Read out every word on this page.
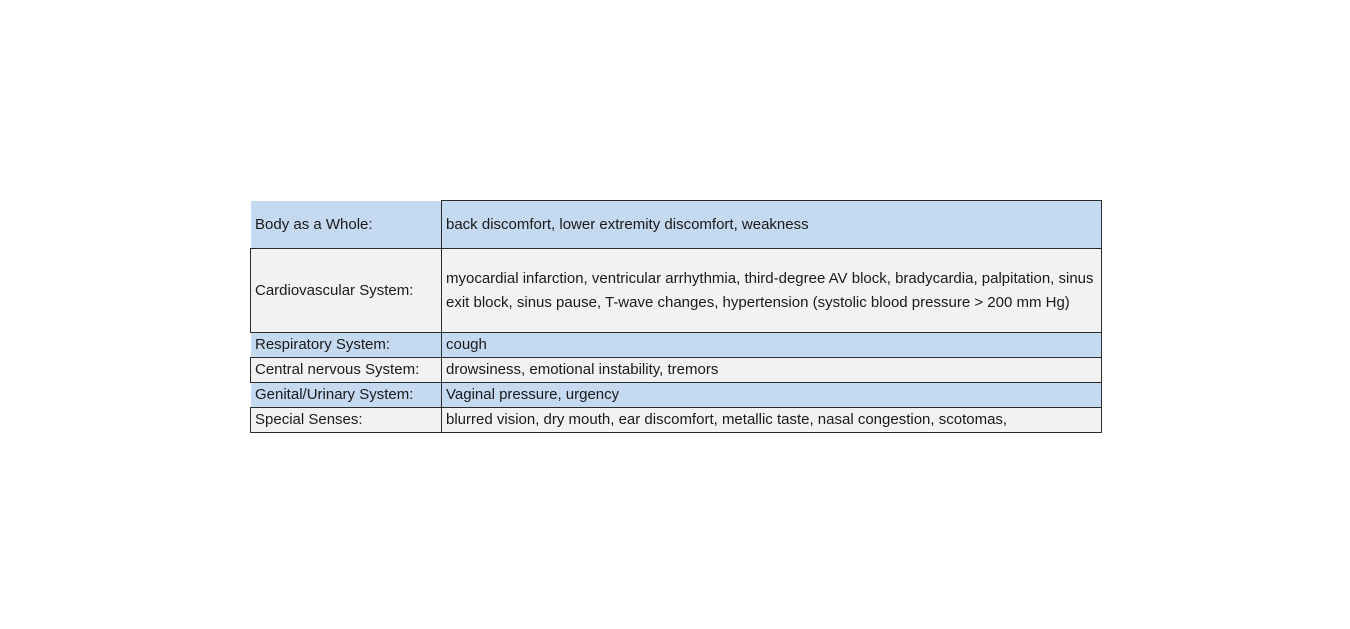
Body as a Whole:	back discomfort, lower extremity discomfort, weakness
Cardiovascular System:	myocardial infarction, ventricular arrhythmia, third-degree AV block, bradycardia, palpitation, sinus exit block, sinus pause, T-wave changes, hypertension (systolic blood pressure > 200 mm Hg)
Respiratory System:	cough
Central nervous System:	drowsiness, emotional instability, tremors
Genital/Urinary System:	Vaginal pressure, urgency
Special Senses:	blurred vision, dry mouth, ear discomfort, metallic taste, nasal congestion, scotomas,
